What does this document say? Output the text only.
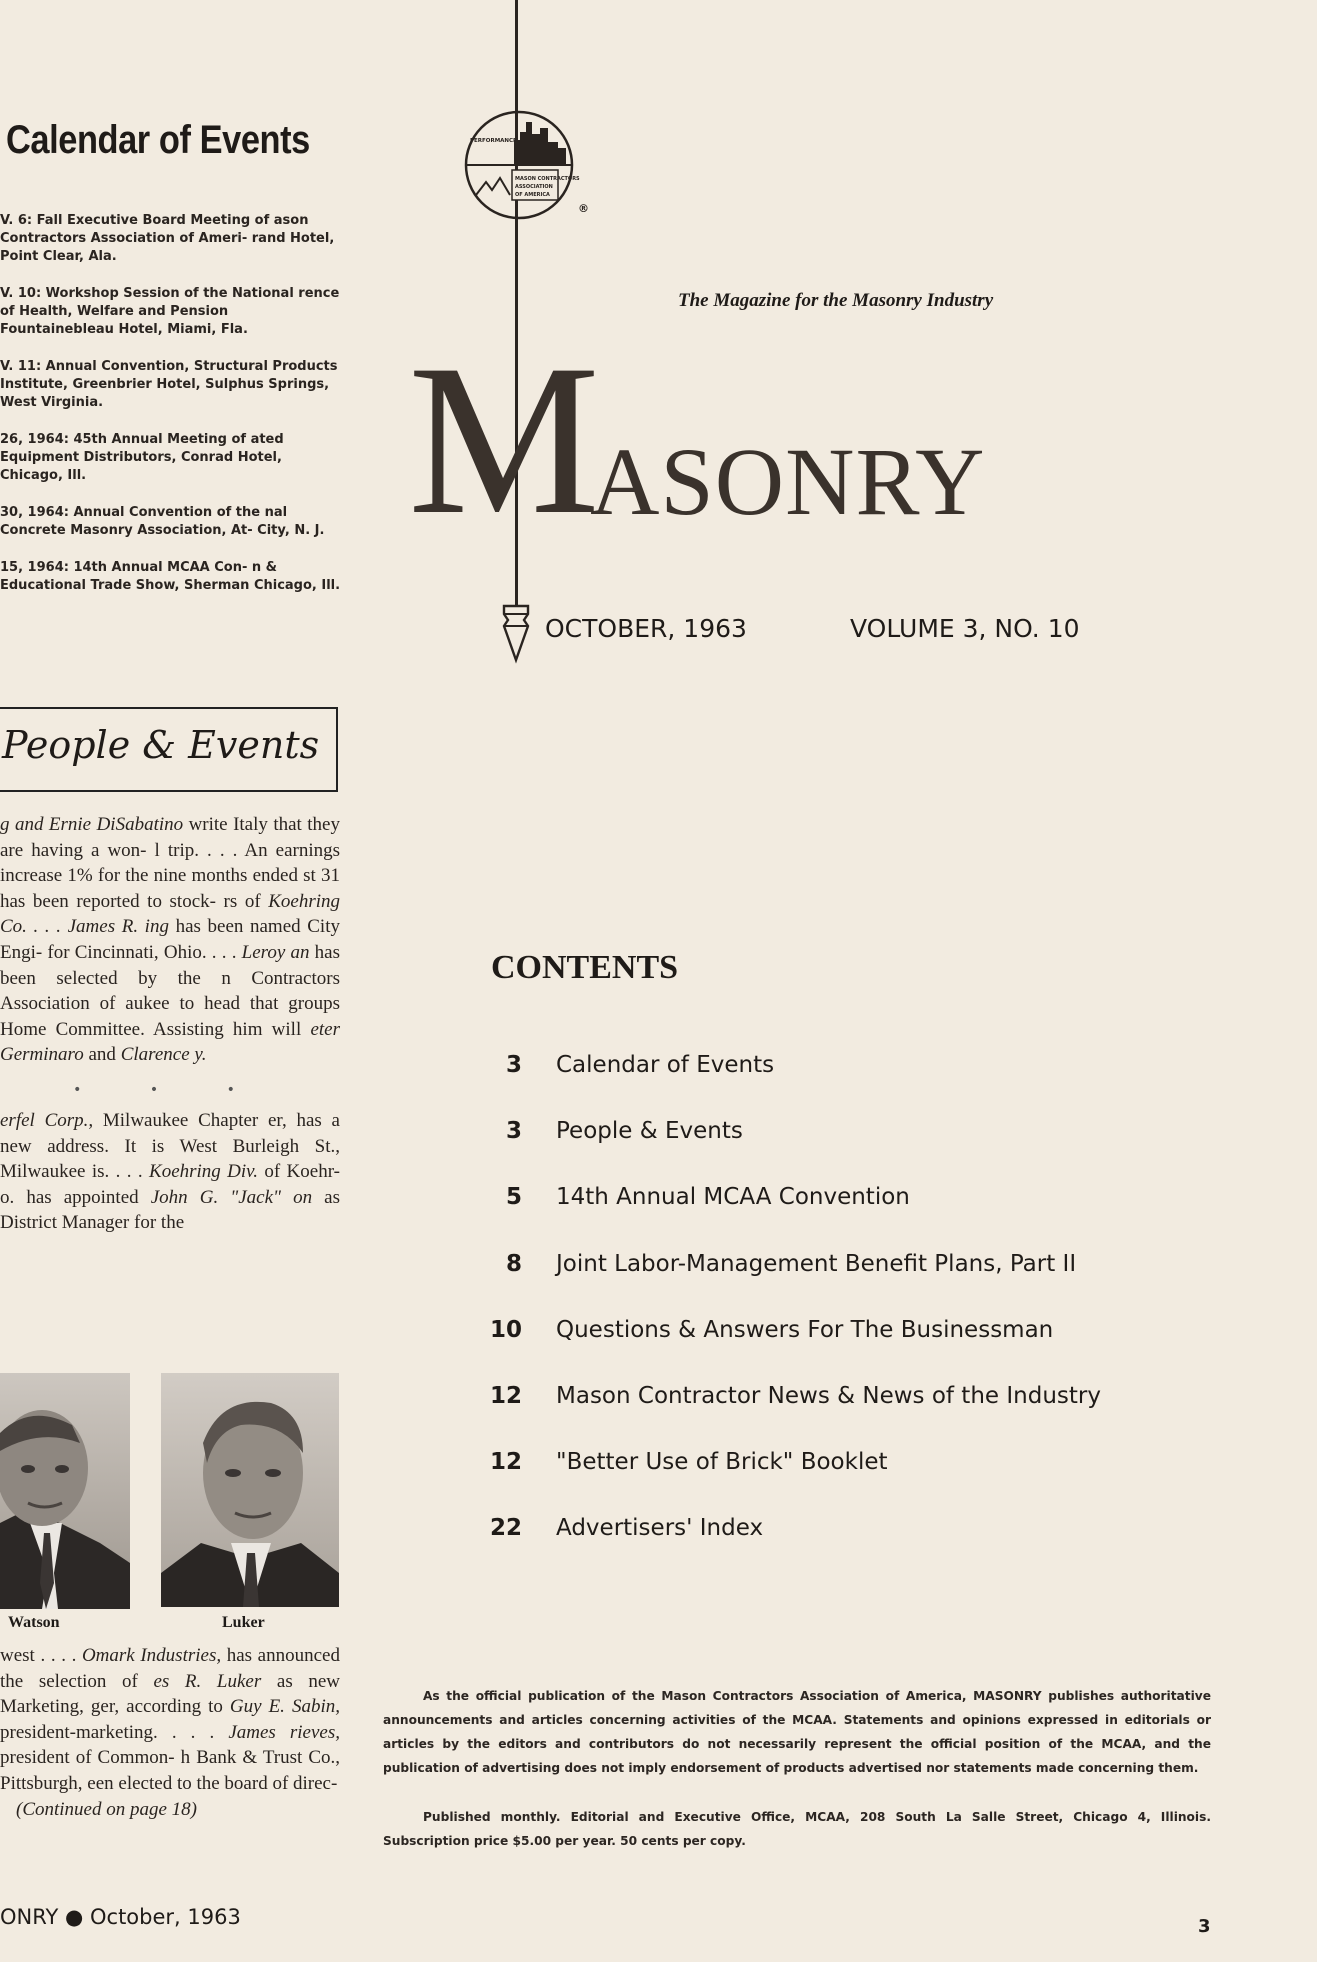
Calendar of Events
V. 6: Fall Executive Board Meeting of ason Contractors Association of Ameri- rand Hotel, Point Clear, Ala.
V. 10: Workshop Session of the National rence of Health, Welfare and Pension Fountainebleau Hotel, Miami, Fla.
V. 11: Annual Convention, Structural Products Institute, Greenbrier Hotel, Sulphus Springs, West Virginia.
26, 1964: 45th Annual Meeting of ated Equipment Distributors, Conrad Hotel, Chicago, Ill.
30, 1964: Annual Convention of the nal Concrete Masonry Association, At- City, N. J.
15, 1964: 14th Annual MCAA Con- n & Educational Trade Show, Sherman Chicago, Ill.
People & Events

g and Ernie DiSabatino write Italy that they are having a won- l trip. . . . An earnings increase 1% for the nine months ended st 31 has been reported to stock- rs of Koehring Co. . . . James R. ing has been named City Engi- for Cincinnati, Ohio. . . . Leroy an has been selected by the n Contractors Association of aukee to head that groups Home Committee. Assisting him will eter Germinaro and Clarence y.

• • •

erfel Corp., Milwaukee Chapter er, has a new address. It is West Burleigh St., Milwaukee is. . . . Koehring Div. of Koehr- o. has appointed John G. "Jack" on as District Manager for the

Watson	Luker

west . . . . Omark Industries, has announced the selection of es R. Luker as new Marketing, ger, according to Guy E. Sabin, president-marketing. . . . James rieves, president of Common- h Bank & Trust Co., Pittsburgh, een elected to the board of direc-

(Continued on page 18)

ONRY ● October, 1963
PERFORMANCE
MASON CONTRACTORS
ASSOCIATION
OF AMERICA
®
The Magazine for the Masonry Industry
MASONRY
OCTOBER, 1963	VOLUME 3, NO. 10
CONTENTS
3 Calendar of Events
3 People & Events
5 14th Annual MCAA Convention
8 Joint Labor-Management Benefit Plans, Part II
10 Questions & Answers For The Businessman
12 Mason Contractor News & News of the Industry
12 "Better Use of Brick" Booklet
22 Advertisers' Index

As the official publication of the Mason Contractors Association of America, MASONRY publishes authoritative announcements and articles concerning activities of the MCAA. Statements and opinions expressed in editorials or articles by the editors and contributors do not necessarily represent the official position of the MCAA, and the publication of advertising does not imply endorsement of products advertised nor statements made concerning them.

Published monthly. Editorial and Executive Office, MCAA, 208 South La Salle Street, Chicago 4, Illinois. Subscription price $5.00 per year. 50 cents per copy.

3
